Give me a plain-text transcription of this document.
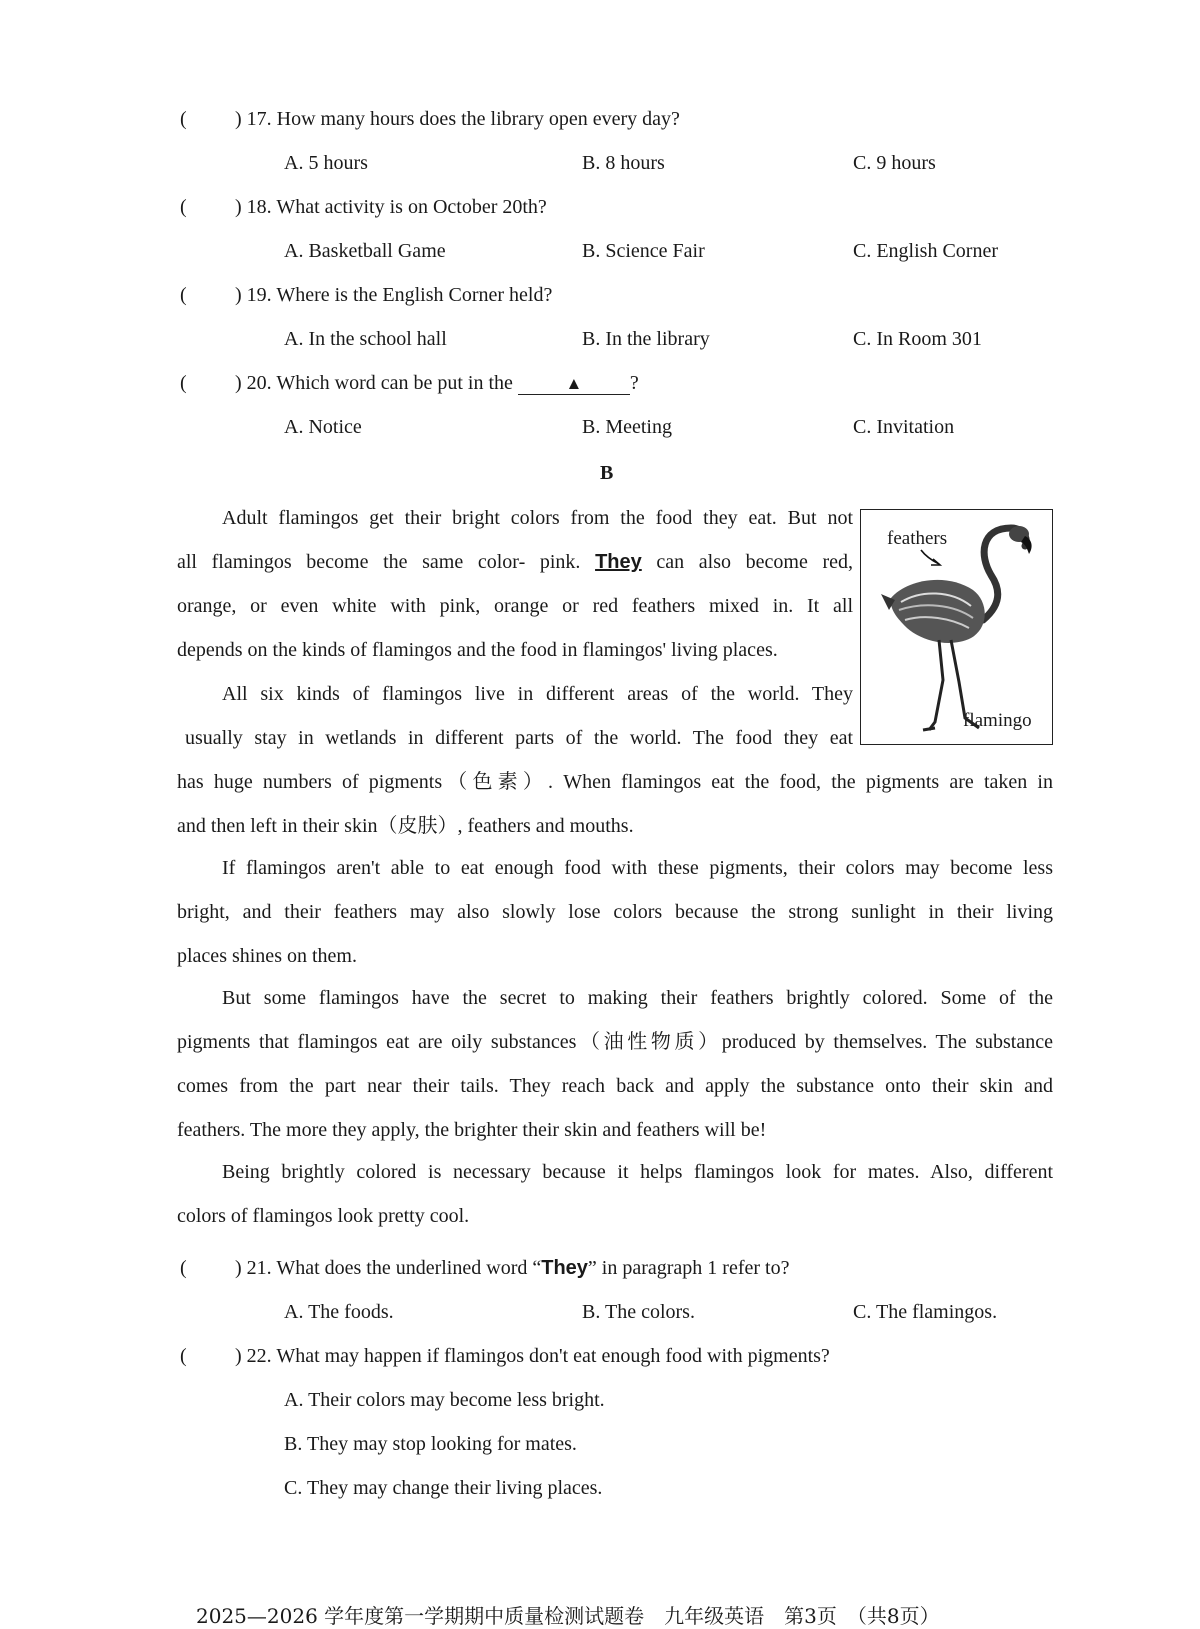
( ) 17. How many hours does the library open every day?
A. 5 hours	B. 8 hours	C. 9 hours
( ) 18. What activity is on October 20th?
A. Basketball Game	B. Science Fair	C. English Corner
( ) 19. Where is the English Corner held?
A. In the school hall	B. In the library	C. In Room 301
( ) 20. Which word can be put in the	▲ ?
A. Notice	B. Meeting	C. Invitation
B
Adult flamingos get their bright colors from the food they eat. But not
all flamingos become the same color- pink. They can also become red,
orange, or even white with pink, orange or red feathers mixed in. It all
depends on the kinds of flamingos and the food in flamingos' living places.
All six kinds of flamingos live in different areas of the world. They
usually stay in wetlands in different parts of the world. The food they eat
has huge numbers of pigments（色素）. When flamingos eat the food, the pigments are taken in
and then left in their skin（皮肤）, feathers and mouths.
feathers
flamingo
If flamingos aren't able to eat enough food with these pigments, their colors may become less
bright, and their feathers may also slowly lose colors because the strong sunlight in their living
places shines on them.
But some flamingos have the secret to making their feathers brightly colored. Some of the
pigments that flamingos eat are oily substances（油性物质）produced by themselves. The substance
comes from the part near their tails. They reach back and apply the substance onto their skin and
feathers. The more they apply, the brighter their skin and feathers will be!
Being brightly colored is necessary because it helps flamingos look for mates. Also, different
colors of flamingos look pretty cool.
( ) 21. What does the underlined word “They” in paragraph 1 refer to?
A. The foods.	B. The colors.	C. The flamingos.
( ) 22. What may happen if flamingos don't eat enough food with pigments?
A. Their colors may become less bright.
B. They may stop looking for mates.
C. They may change their living places.
2025—2026 学年度第一学期期中质量检测试题卷　九年级英语　第3页　（共8页）
